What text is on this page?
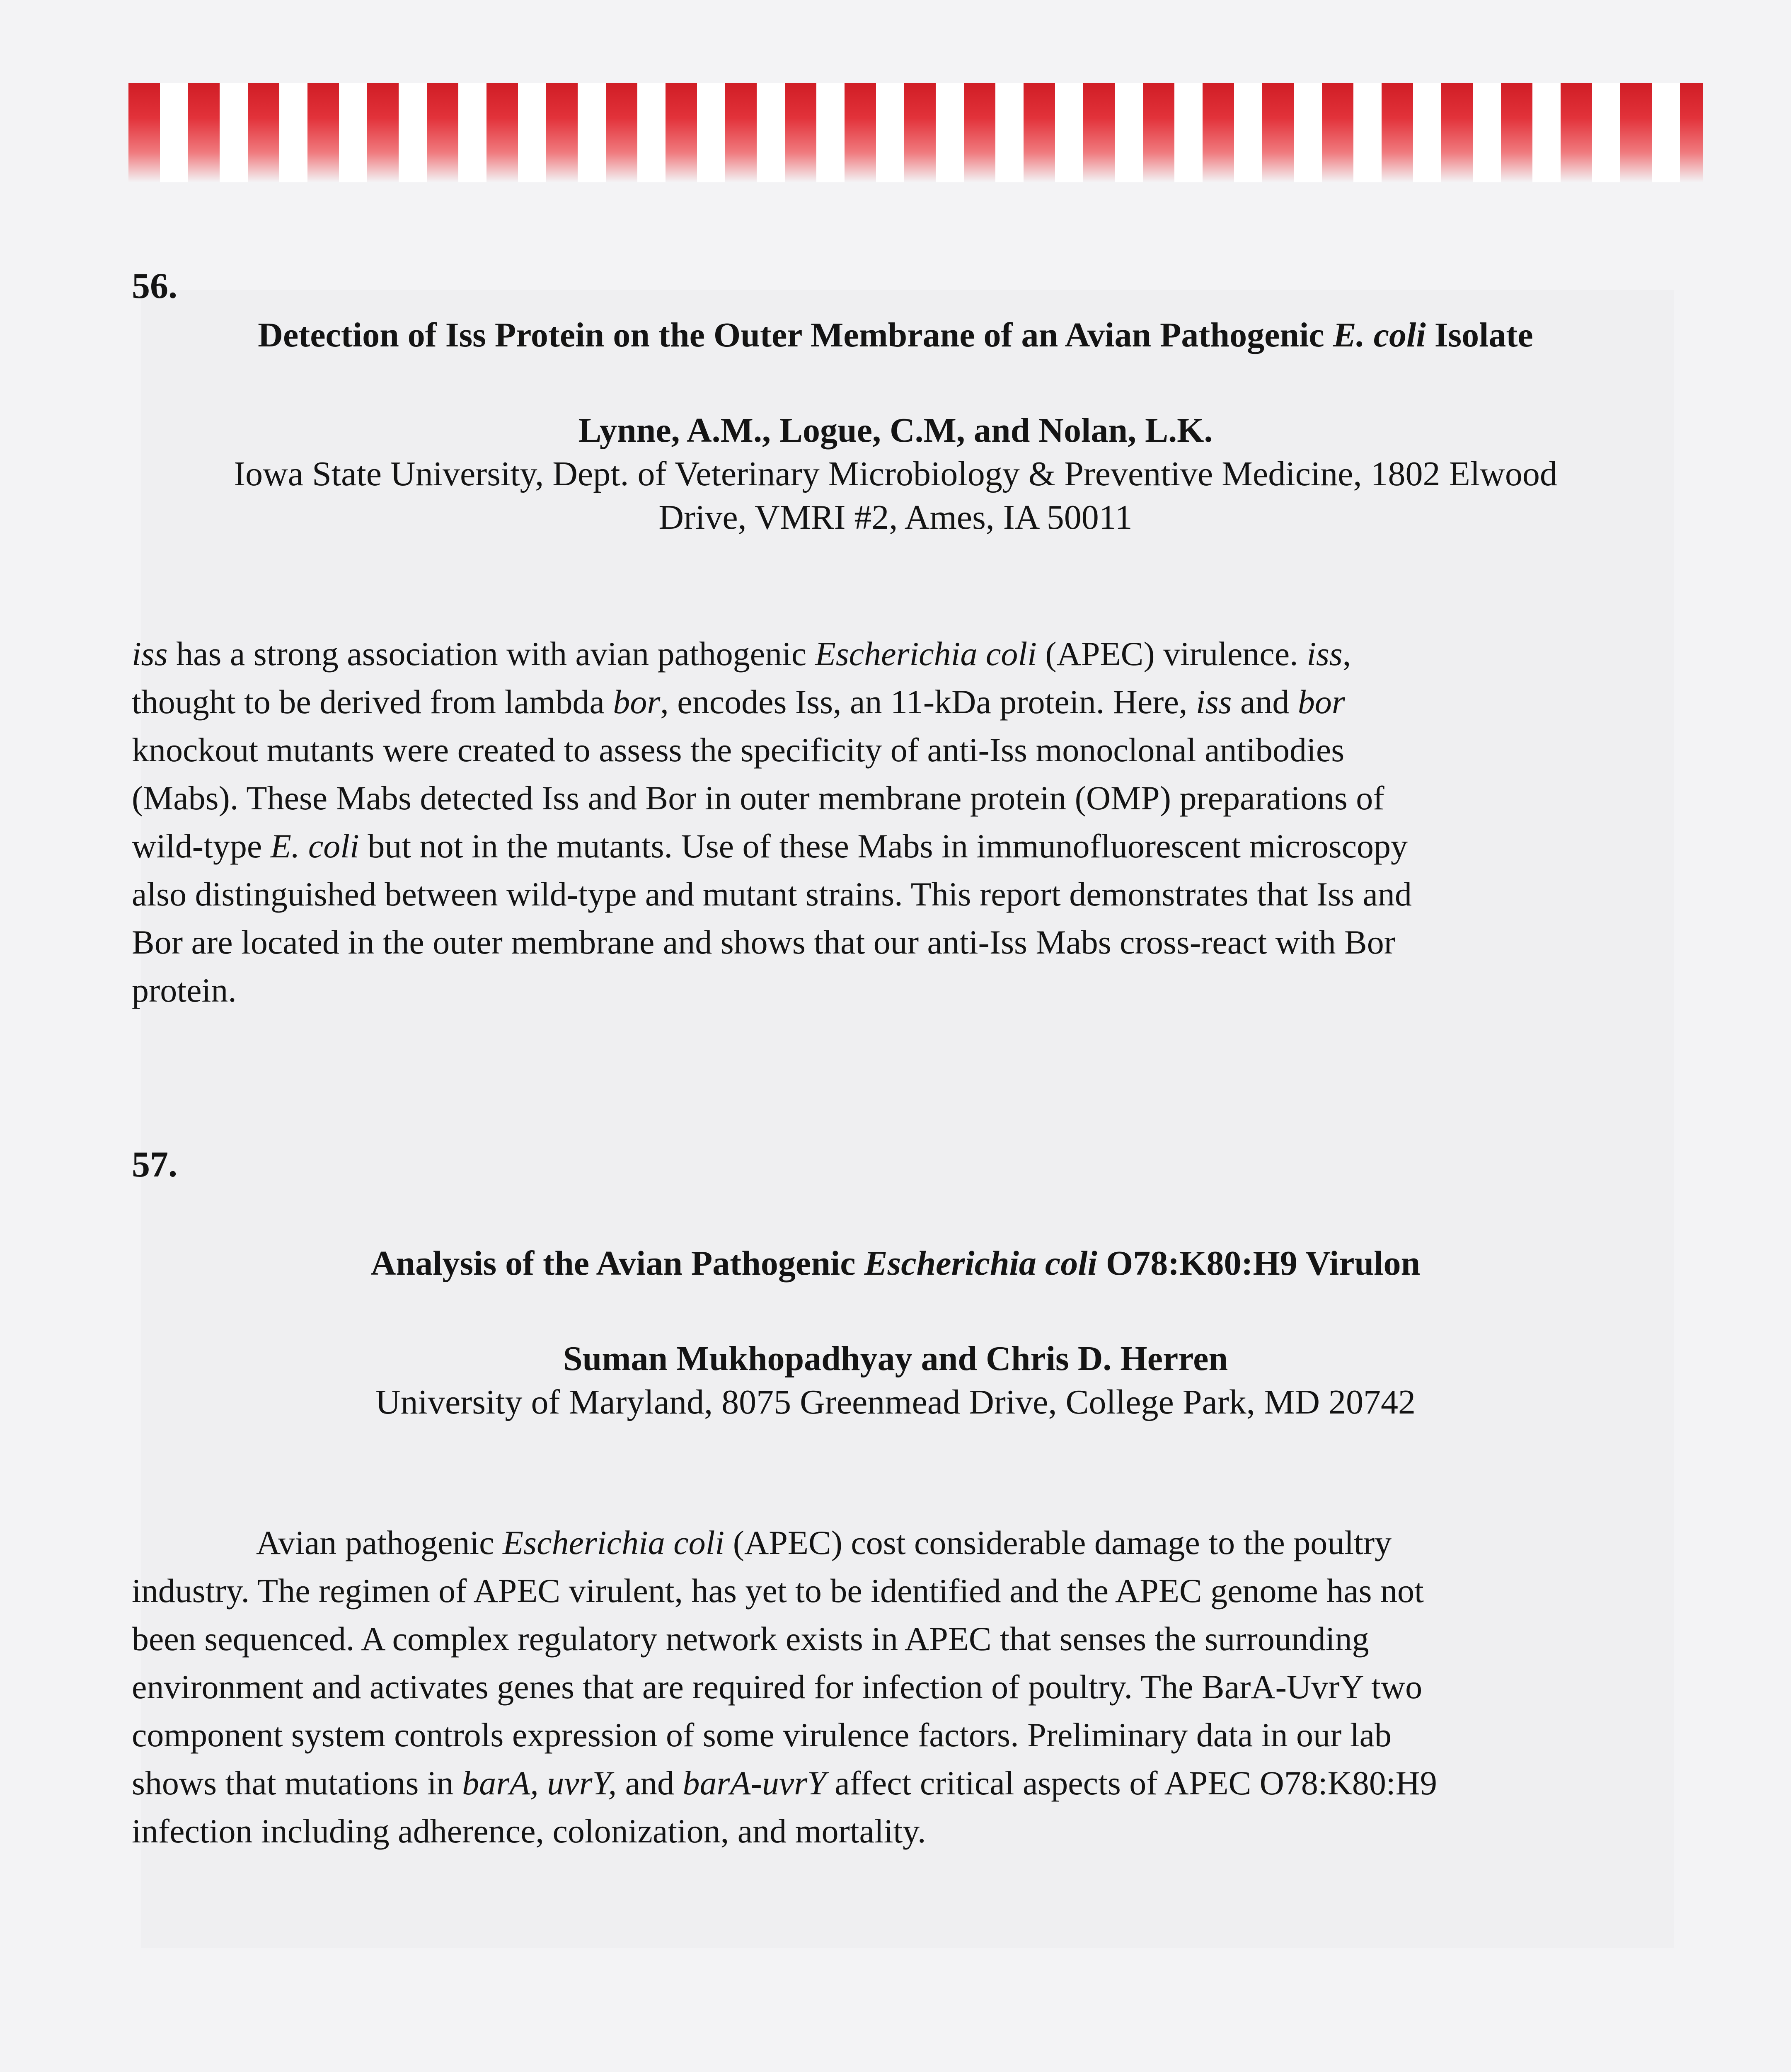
56.
Detection of Iss Protein on the Outer Membrane of an Avian Pathogenic E. coli Isolate
Lynne, A.M., Logue, C.M, and Nolan, L.K.
Iowa State University, Dept. of Veterinary Microbiology & Preventive Medicine, 1802 Elwood
Drive, VMRI #2, Ames, IA 50011
iss has a strong association with avian pathogenic Escherichia coli (APEC) virulence. iss,
thought to be derived from lambda bor, encodes Iss, an 11-kDa protein. Here, iss and bor
knockout mutants were created to assess the specificity of anti-Iss monoclonal antibodies
(Mabs). These Mabs detected Iss and Bor in outer membrane protein (OMP) preparations of
wild-type E. coli but not in the mutants. Use of these Mabs in immunofluorescent microscopy
also distinguished between wild-type and mutant strains. This report demonstrates that Iss and
Bor are located in the outer membrane and shows that our anti-Iss Mabs cross-react with Bor
protein.
57.
Analysis of the Avian Pathogenic Escherichia coli O78:K80:H9 Virulon
Suman Mukhopadhyay and Chris D. Herren
University of Maryland, 8075 Greenmead Drive, College Park, MD 20742
Avian pathogenic Escherichia coli (APEC) cost considerable damage to the poultry
industry. The regimen of APEC virulent, has yet to be identified and the APEC genome has not
been sequenced. A complex regulatory network exists in APEC that senses the surrounding
environment and activates genes that are required for infection of poultry. The BarA-UvrY two
component system controls expression of some virulence factors. Preliminary data in our lab
shows that mutations in barA, uvrY, and barA-uvrY affect critical aspects of APEC O78:K80:H9
infection including adherence, colonization, and mortality.
